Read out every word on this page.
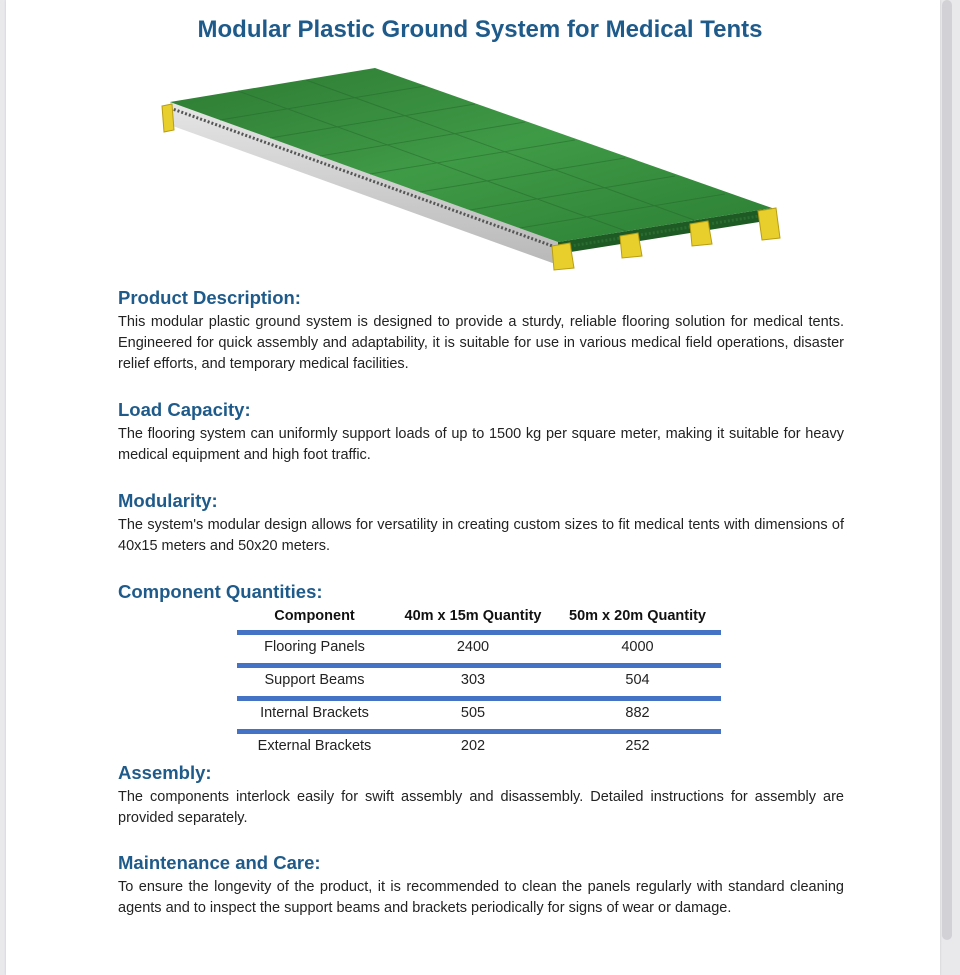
Modular Plastic Ground System for Medical Tents
Product Description:

This modular plastic ground system is designed to provide a sturdy, reliable flooring solution for medical tents. Engineered for quick assembly and adaptability, it is suitable for use in various medical field operations, disaster relief efforts, and temporary medical facilities.

Load Capacity:

The flooring system can uniformly support loads of up to 1500 kg per square meter, making it suitable for heavy medical equipment and high foot traffic.

Modularity:

The system's modular design allows for versatility in creating custom sizes to fit medical tents with dimensions of 40x15 meters and 50x20 meters.

Component Quantities:
Component	40m x 15m Quantity	50m x 20m Quantity
Flooring Panels	2400	4000
Support Beams	303	504
Internal Brackets	505	882
External Brackets	202	252
Assembly:

The components interlock easily for swift assembly and disassembly. Detailed instructions for assembly are provided separately.

Maintenance and Care:

To ensure the longevity of the product, it is recommended to clean the panels regularly with standard cleaning agents and to inspect the support beams and brackets periodically for signs of wear or damage.
